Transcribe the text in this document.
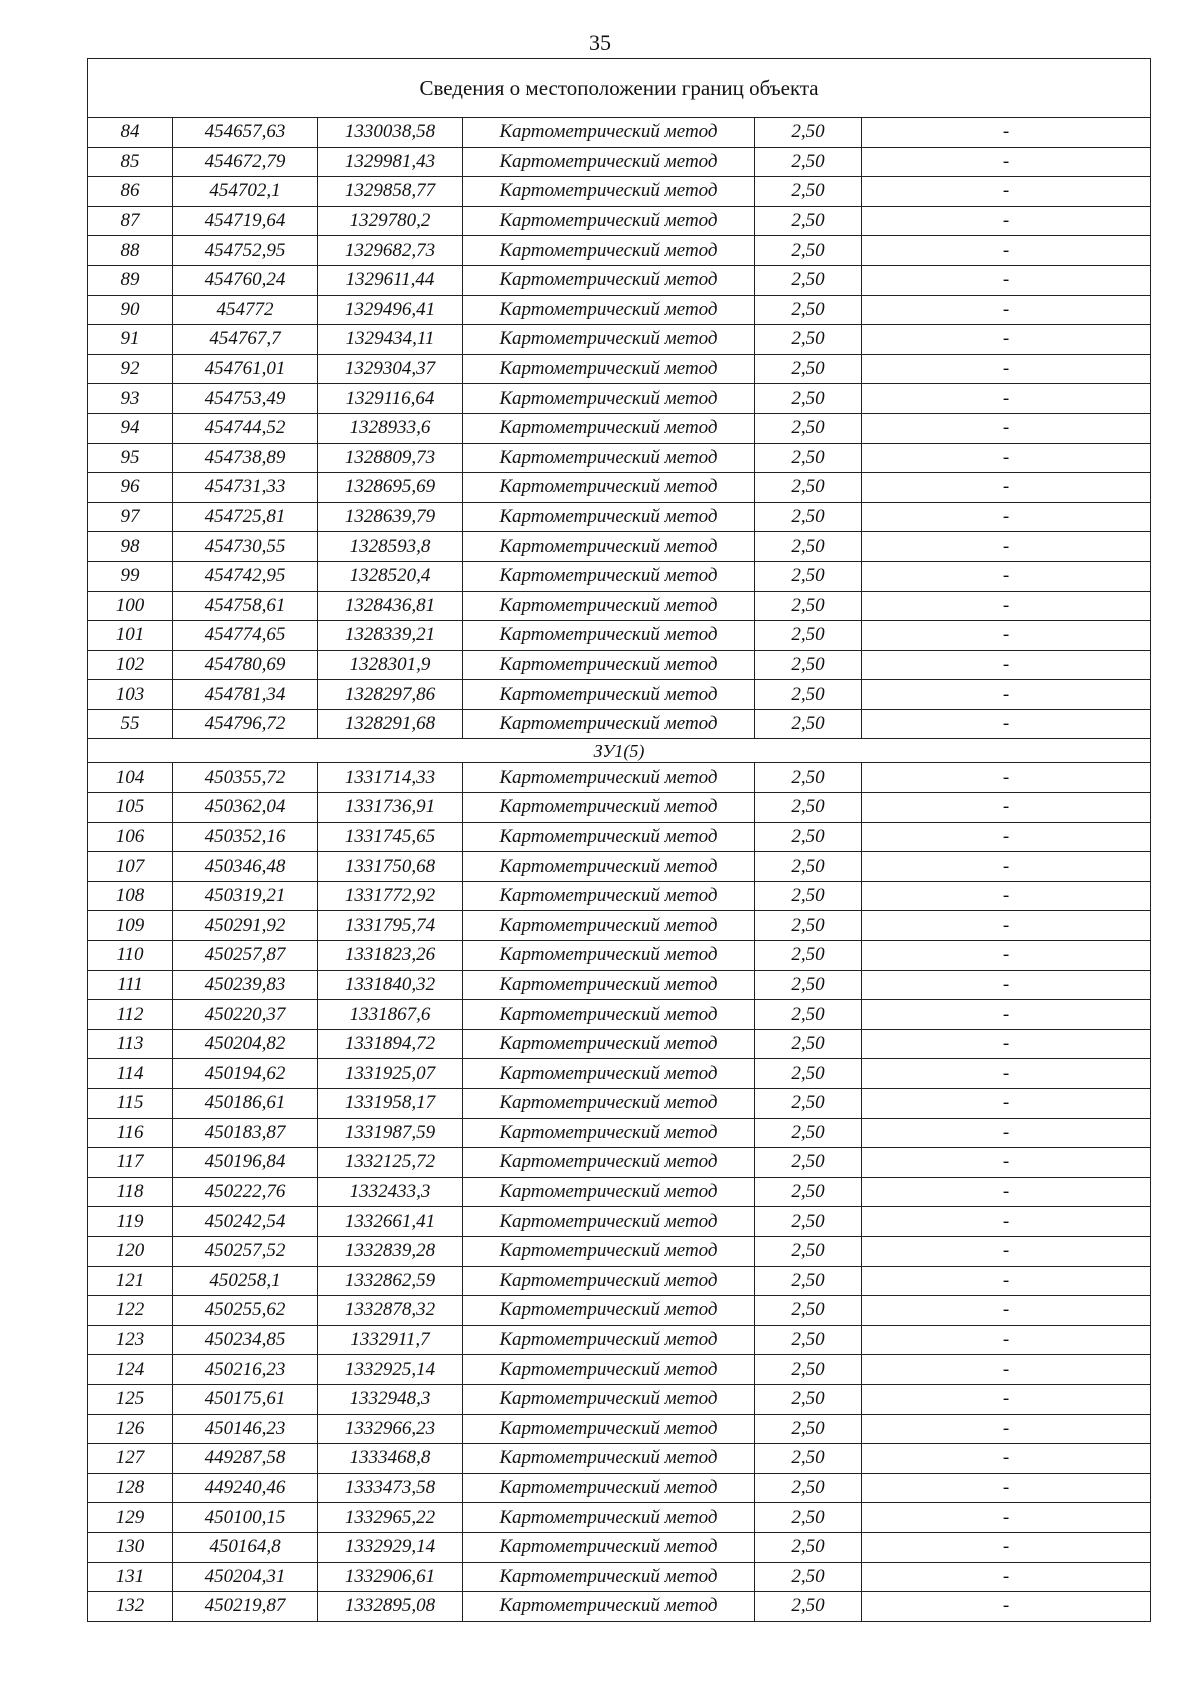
35
Сведения о местоположении границ объекта					
84	454657,63	1330038,58	Картометрический метод	2,50	-
85	454672,79	1329981,43	Картометрический метод	2,50	-
86	454702,1	1329858,77	Картометрический метод	2,50	-
87	454719,64	1329780,2	Картометрический метод	2,50	-
88	454752,95	1329682,73	Картометрический метод	2,50	-
89	454760,24	1329611,44	Картометрический метод	2,50	-
90	454772	1329496,41	Картометрический метод	2,50	-
91	454767,7	1329434,11	Картометрический метод	2,50	-
92	454761,01	1329304,37	Картометрический метод	2,50	-
93	454753,49	1329116,64	Картометрический метод	2,50	-
94	454744,52	1328933,6	Картометрический метод	2,50	-
95	454738,89	1328809,73	Картометрический метод	2,50	-
96	454731,33	1328695,69	Картометрический метод	2,50	-
97	454725,81	1328639,79	Картометрический метод	2,50	-
98	454730,55	1328593,8	Картометрический метод	2,50	-
99	454742,95	1328520,4	Картометрический метод	2,50	-
100	454758,61	1328436,81	Картометрический метод	2,50	-
101	454774,65	1328339,21	Картометрический метод	2,50	-
102	454780,69	1328301,9	Картометрический метод	2,50	-
103	454781,34	1328297,86	Картометрический метод	2,50	-
55	454796,72	1328291,68	Картометрический метод	2,50	-
ЗУ1(5)					
104	450355,72	1331714,33	Картометрический метод	2,50	-
105	450362,04	1331736,91	Картометрический метод	2,50	-
106	450352,16	1331745,65	Картометрический метод	2,50	-
107	450346,48	1331750,68	Картометрический метод	2,50	-
108	450319,21	1331772,92	Картометрический метод	2,50	-
109	450291,92	1331795,74	Картометрический метод	2,50	-
110	450257,87	1331823,26	Картометрический метод	2,50	-
111	450239,83	1331840,32	Картометрический метод	2,50	-
112	450220,37	1331867,6	Картометрический метод	2,50	-
113	450204,82	1331894,72	Картометрический метод	2,50	-
114	450194,62	1331925,07	Картометрический метод	2,50	-
115	450186,61	1331958,17	Картометрический метод	2,50	-
116	450183,87	1331987,59	Картометрический метод	2,50	-
117	450196,84	1332125,72	Картометрический метод	2,50	-
118	450222,76	1332433,3	Картометрический метод	2,50	-
119	450242,54	1332661,41	Картометрический метод	2,50	-
120	450257,52	1332839,28	Картометрический метод	2,50	-
121	450258,1	1332862,59	Картометрический метод	2,50	-
122	450255,62	1332878,32	Картометрический метод	2,50	-
123	450234,85	1332911,7	Картометрический метод	2,50	-
124	450216,23	1332925,14	Картометрический метод	2,50	-
125	450175,61	1332948,3	Картометрический метод	2,50	-
126	450146,23	1332966,23	Картометрический метод	2,50	-
127	449287,58	1333468,8	Картометрический метод	2,50	-
128	449240,46	1333473,58	Картометрический метод	2,50	-
129	450100,15	1332965,22	Картометрический метод	2,50	-
130	450164,8	1332929,14	Картометрический метод	2,50	-
131	450204,31	1332906,61	Картометрический метод	2,50	-
132	450219,87	1332895,08	Картометрический метод	2,50	-
